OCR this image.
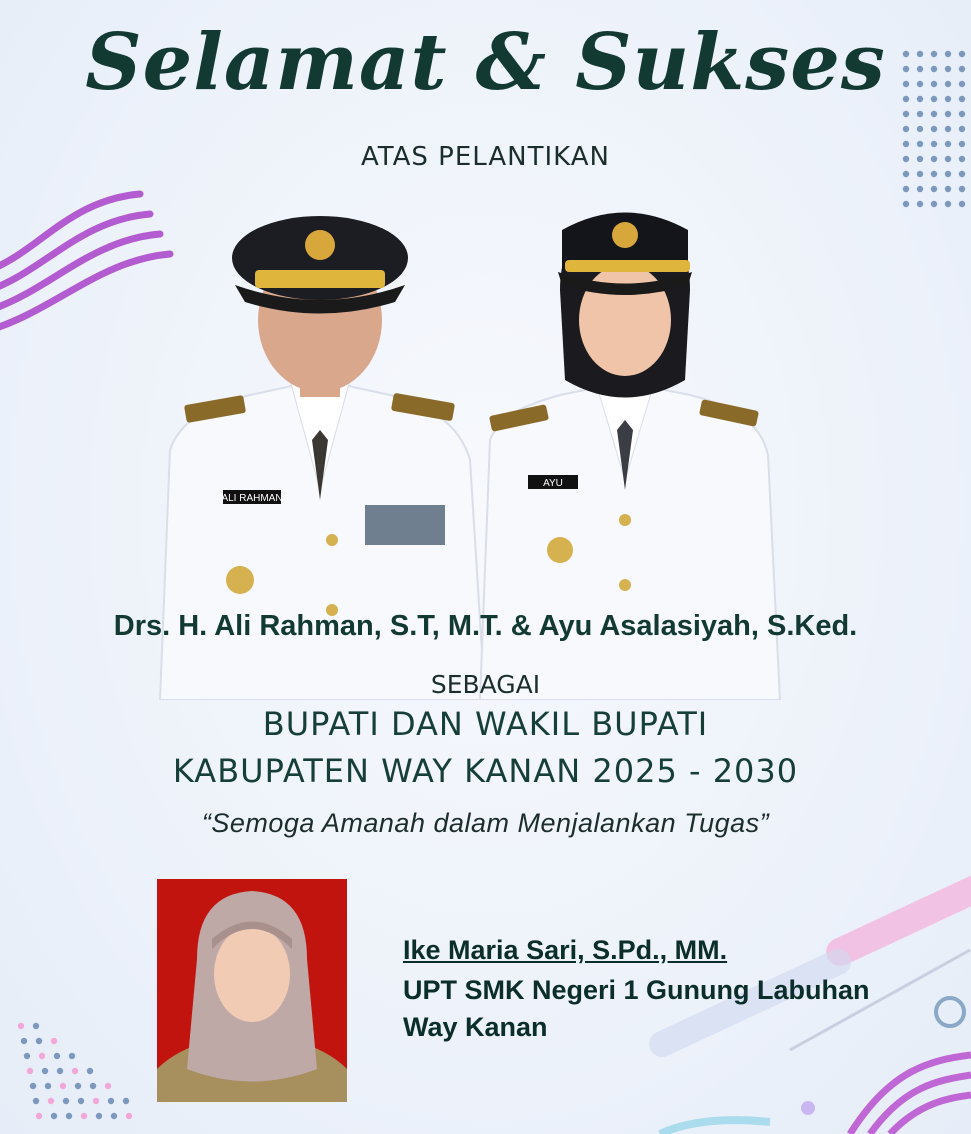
Selamat & Sukses
ATAS PELANTIKAN
ALI RAHMAN
AYU
Drs. H. Ali Rahman, S.T, M.T. & Ayu Asalasiyah, S.Ked.
SEBAGAI
BUPATI DAN WAKIL BUPATI
KABUPATEN WAY KANAN 2025 - 2030
“Semoga Amanah dalam Menjalankan Tugas”
Ike Maria Sari, S.Pd., MM.
UPT SMK Negeri 1 Gunung Labuhan
Way Kanan
